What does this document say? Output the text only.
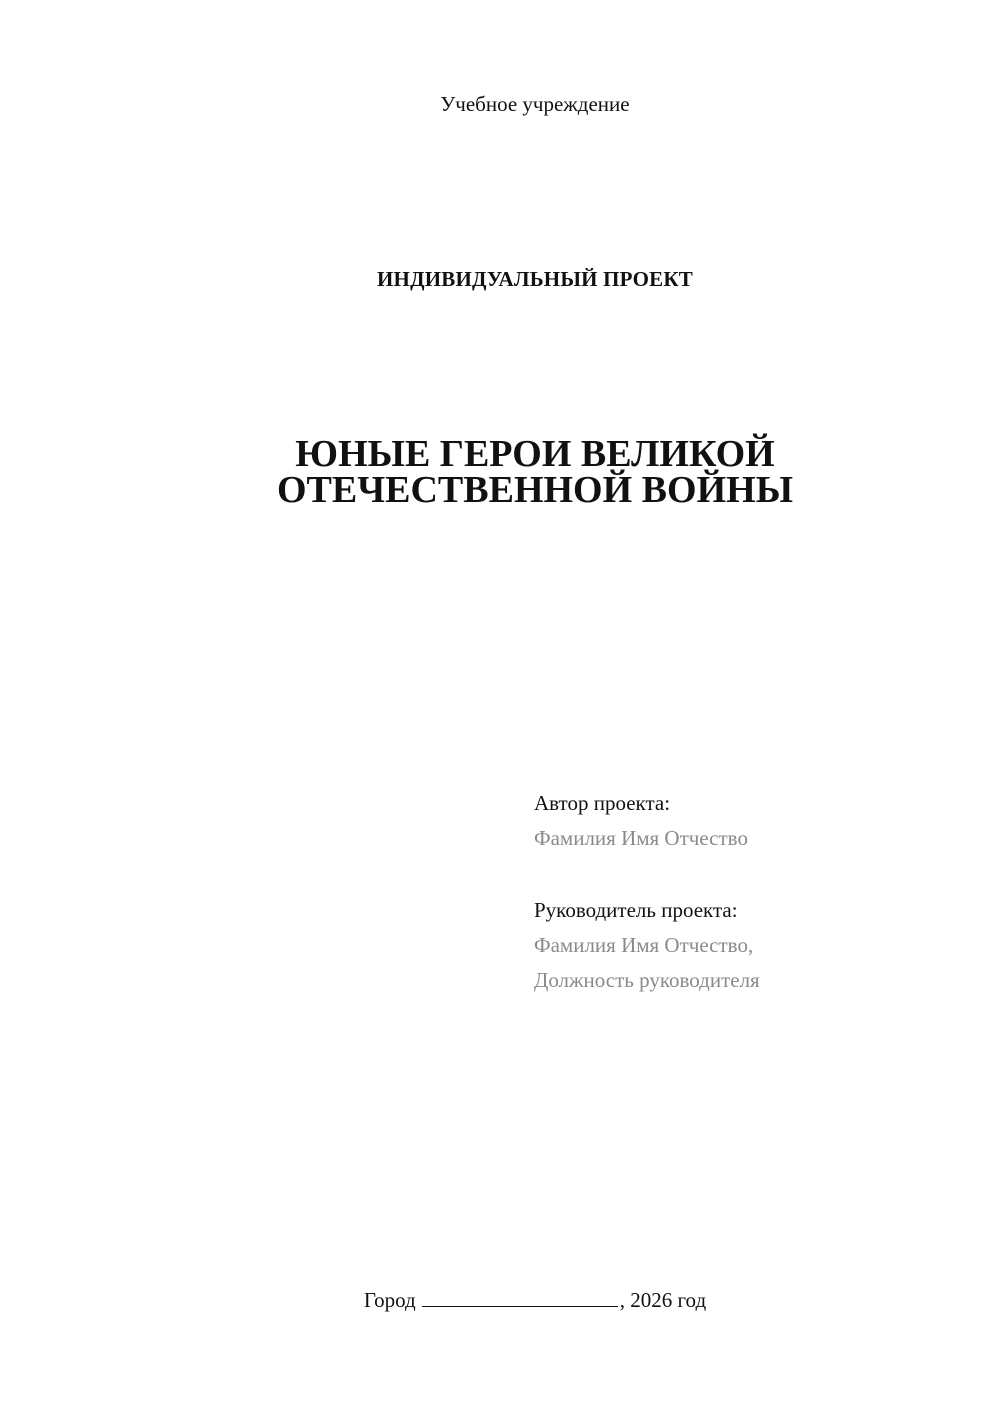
Учебное учреждение
ИНДИВИДУАЛЬНЫЙ ПРОЕКТ
ЮНЫЕ ГЕРОИ ВЕЛИКОЙ
ОТЕЧЕСТВЕННОЙ ВОЙНЫ
Автор проекта:
Фамилия Имя Отчество
Руководитель проекта:
Фамилия Имя Отчество,
Должность руководителя
Город	, 2026 год
